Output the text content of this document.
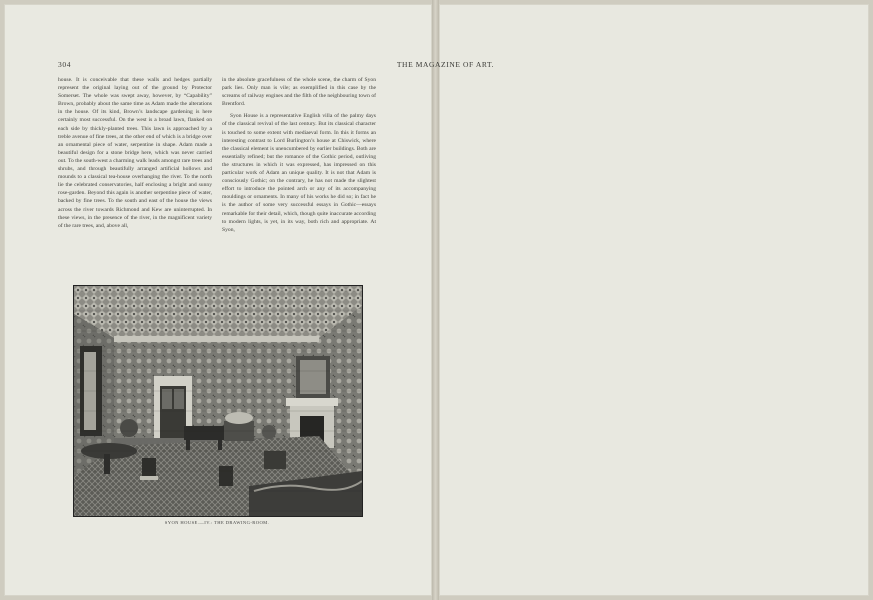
304	THE MAGAZINE OF ART.

house. It is conceivable that these walls and hedges partially represent the original laying out of the ground by Protector Somerset. The whole was swept away, however, by “Capability” Brown, probably about the same time as Adam made the alterations in the house. Of its kind, Brown’s landscape gardening is here certainly most successful. On the west is a broad lawn, flanked on each side by thickly-planted trees. This lawn is approached by a treble avenue of fine trees, at the other end of which is a bridge over an ornamental piece of water, serpentine in shape. Adam made a beautiful design for a stone bridge here, which was never carried out. To the south-west a charming walk leads amongst rare trees and shrubs, and through beautifully arranged artificial hollows and mounds to a classical tea-house overhanging the river. To the north lie the celebrated conservatories, half enclosing a bright and sunny rose-garden. Beyond this again is another serpentine piece of water, backed by fine trees. To the south and east of the house the views across the river towards Richmond and Kew are uninterrupted. In these views, in the presence of the river, in the magnificent variety of the rare trees, and, above all,

in the absolute gracefulness of the whole scene, the charm of Syon park lies. Only man is vile; as exemplified in this case by the screams of railway engines and the filth of the neighbouring town of Brentford.

Syon House is a representative English villa of the palmy days of the classical revival of the last century. But its classical character is touched to some extent with mediaeval form. In this it forms an interesting contrast to Lord Burlington’s house at Chiswick, where the classical element is unencumbered by earlier buildings. Both are essentially refined; but the romance of the Gothic period, outliving the structures in which it was expressed, has impressed on this particular work of Adam an unique quality. It is not that Adam is consciously Gothic; on the contrary, he has not made the slightest effort to introduce the pointed arch or any of its accompanying mouldings or ornaments. In many of his works he did so; in fact he is the author of some very successful essays in Gothic—essays remarkable for their detail, which, though quite inaccurate according to modern lights, is yet, in its way, both rich and appropriate. At Syon,

SYON HOUSE.—IV.: THE DRAWING-ROOM.
